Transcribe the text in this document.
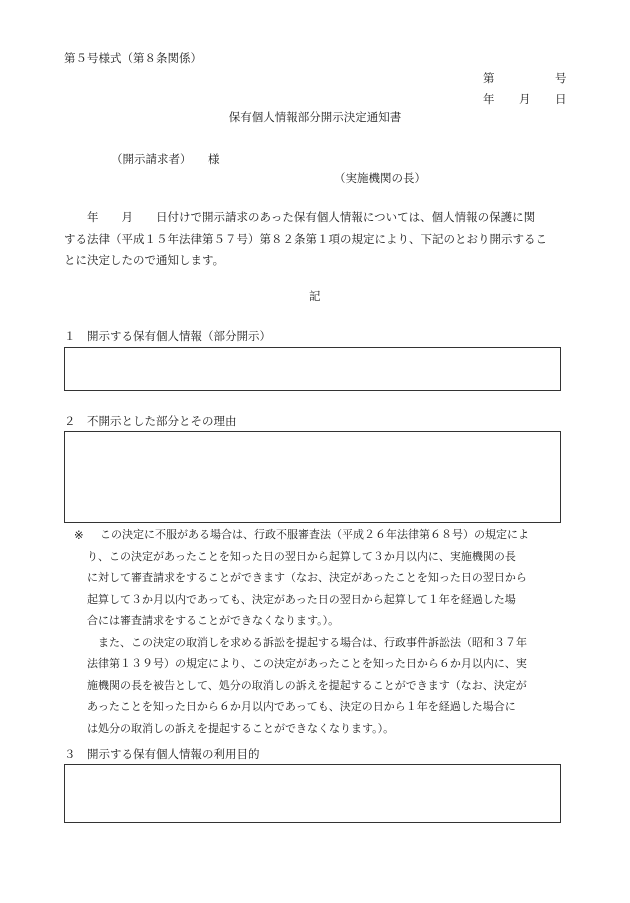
第５号様式（第８条関係）
第	号
年 月 日
保有個人情報部分開示決定通知書
（開示請求者） 様
（実施機関の長）
　　年　　月　　日付けで開示請求のあった保有個人情報については、個人情報の保護に関
する法律（平成１５年法律第５７号）第８２条第１項の規定により、下記のとおり開示するこ
とに決定したので通知します。
記
１　開示する保有個人情報（部分開示）
２　不開示とした部分とその理由
※	この決定に不服がある場合は、行政不服審査法（平成２６年法律第６８号）の規定によ
り、この決定があったことを知った日の翌日から起算して３か月以内に、実施機関の長
に対して審査請求をすることができます（なお、決定があったことを知った日の翌日から
起算して３か月以内であっても、決定があった日の翌日から起算して１年を経過した場
合には審査請求をすることができなくなります。）。
　また、この決定の取消しを求める訴訟を提起する場合は、行政事件訴訟法（昭和３７年
法律第１３９号）の規定により、この決定があったことを知った日から６か月以内に、実
施機関の長を被告として、処分の取消しの訴えを提起することができます（なお、決定が
あったことを知った日から６か月以内であっても、決定の日から１年を経過した場合に
は処分の取消しの訴えを提起することができなくなります。）。
３　開示する保有個人情報の利用目的
